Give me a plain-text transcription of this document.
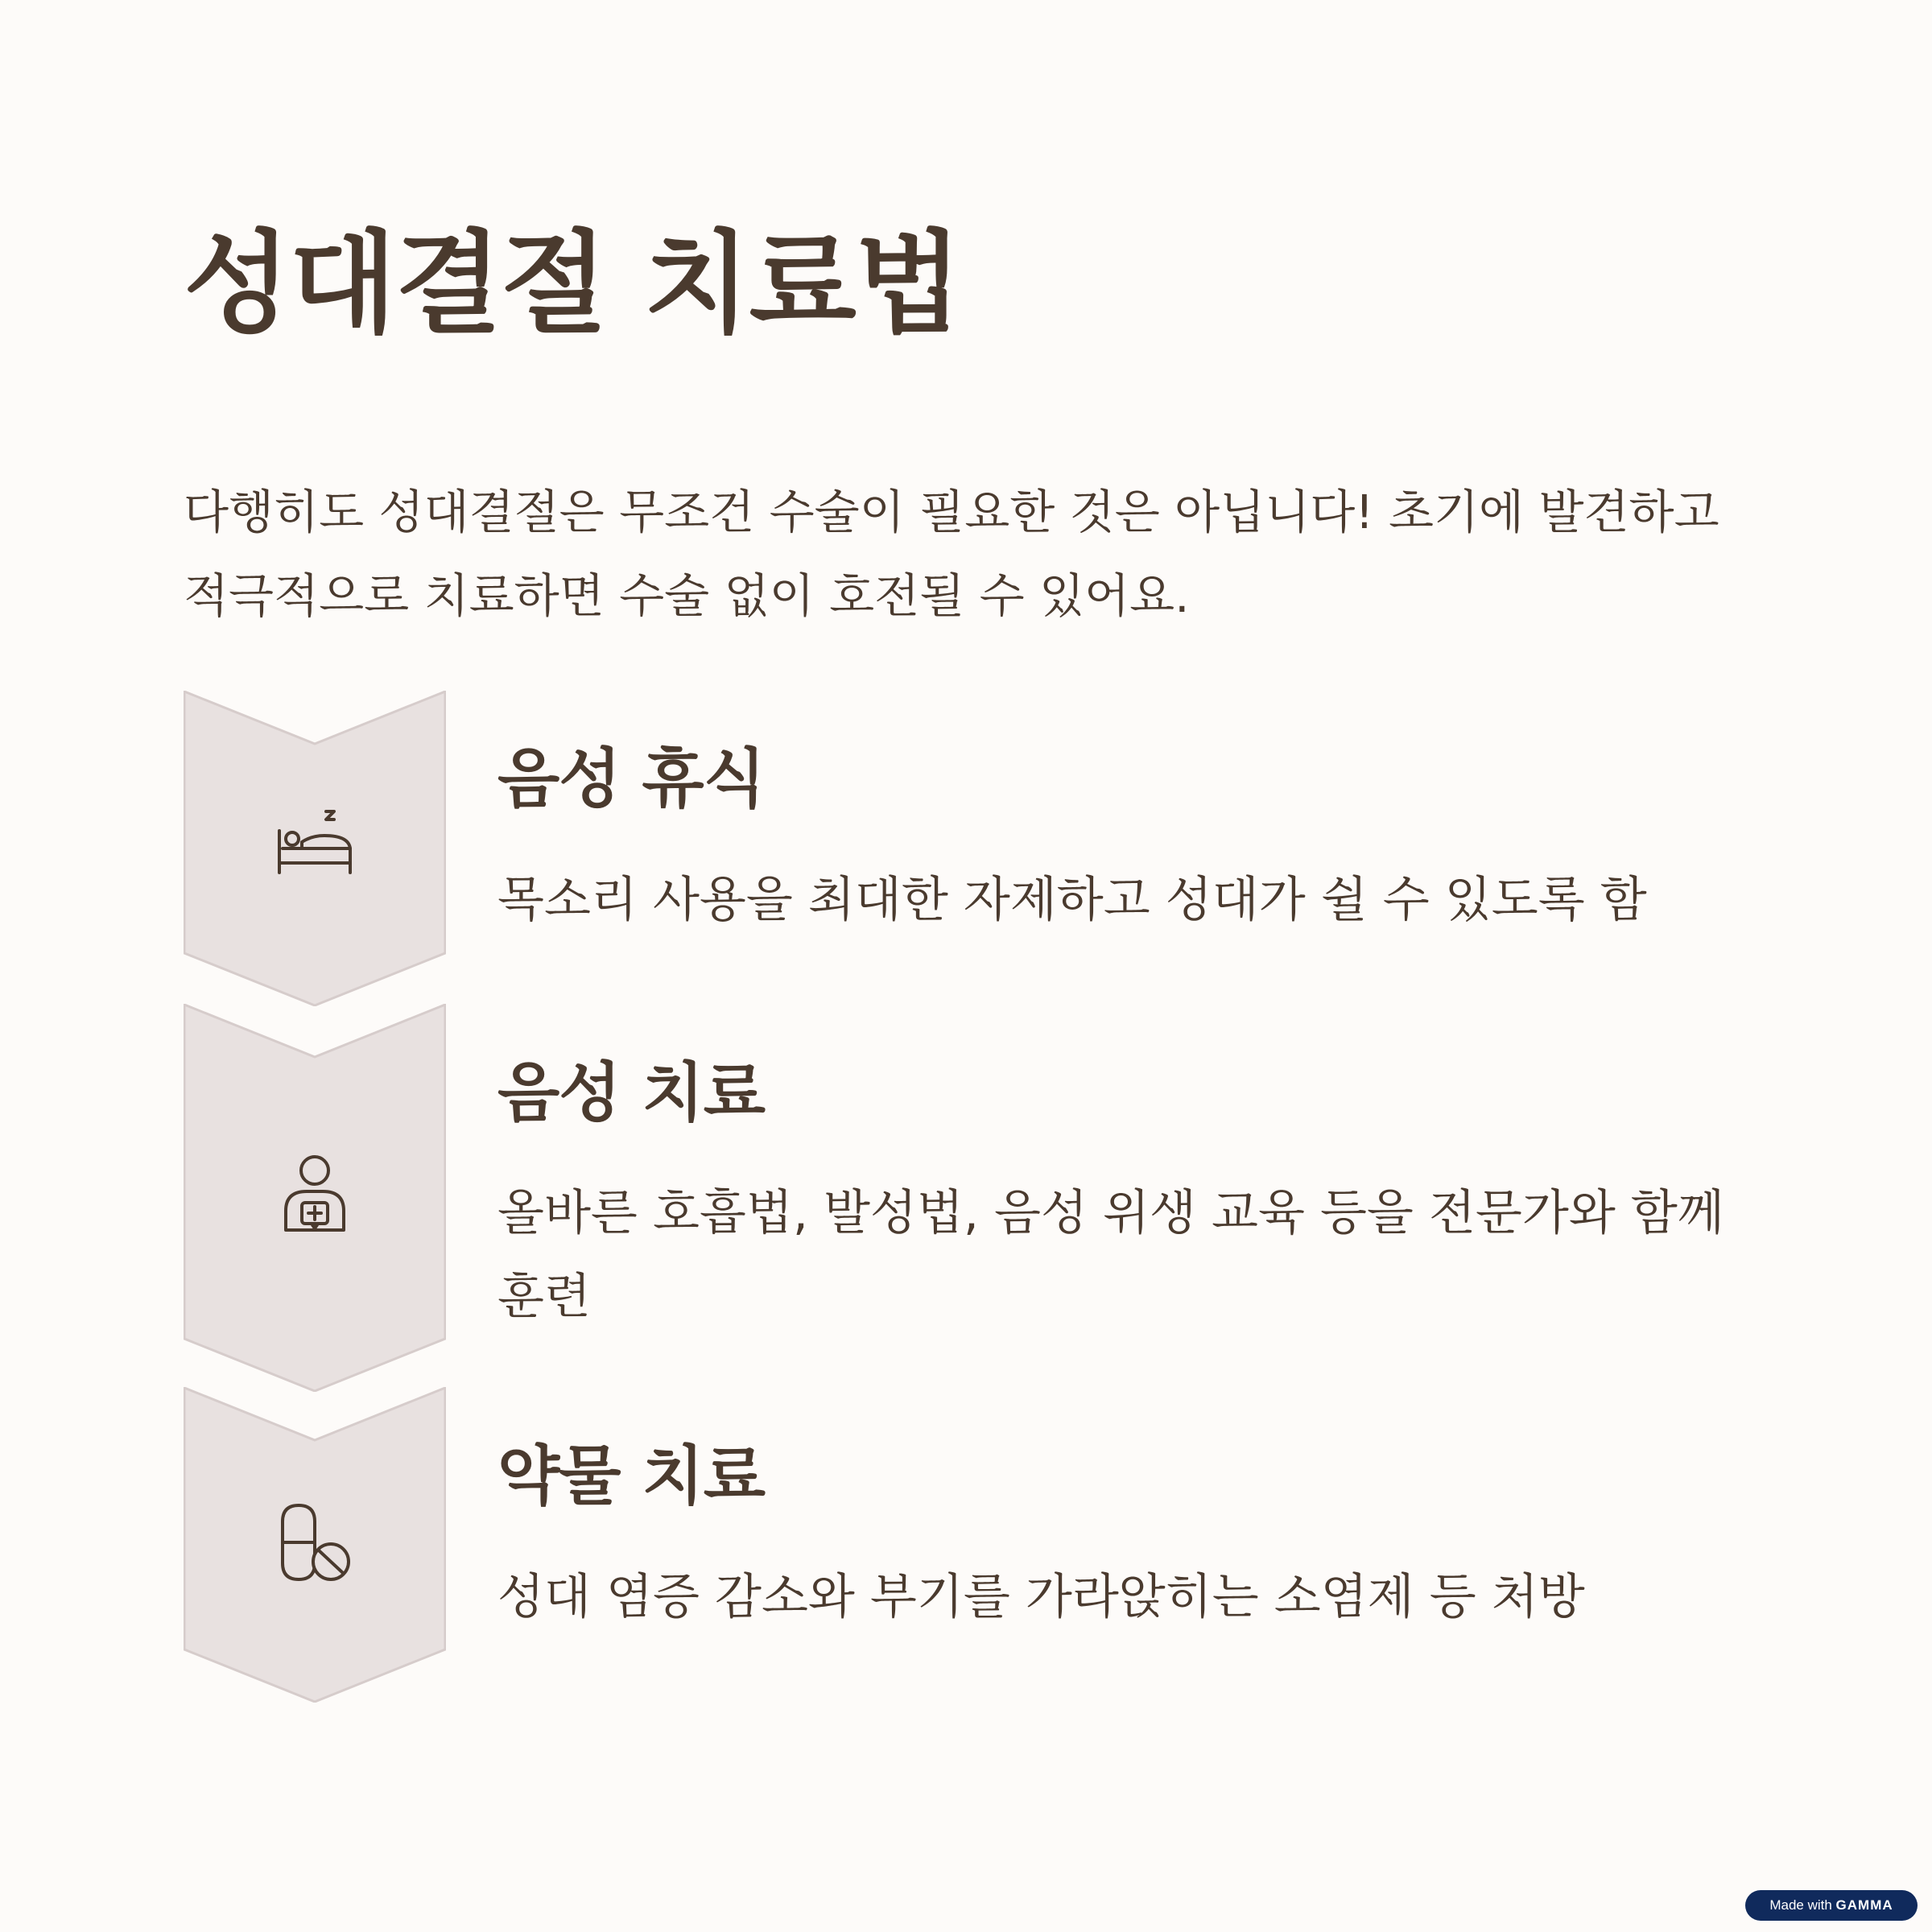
성대결절 치료법

다행히도 성대결절은 무조건 수술이 필요한 것은 아닙니다! 초기에 발견하고 적극적으로 치료하면 수술 없이 호전될 수 있어요.

음성 휴식

목소리 사용을 최대한 자제하고 성대가 쉴 수 있도록 함

음성 치료

올바른 호흡법, 발성법, 음성 위생 교육 등을 전문가와 함께 훈련

약물 치료

성대 염증 감소와 부기를 가라앉히는 소염제 등 처방

Made with GAMMA
